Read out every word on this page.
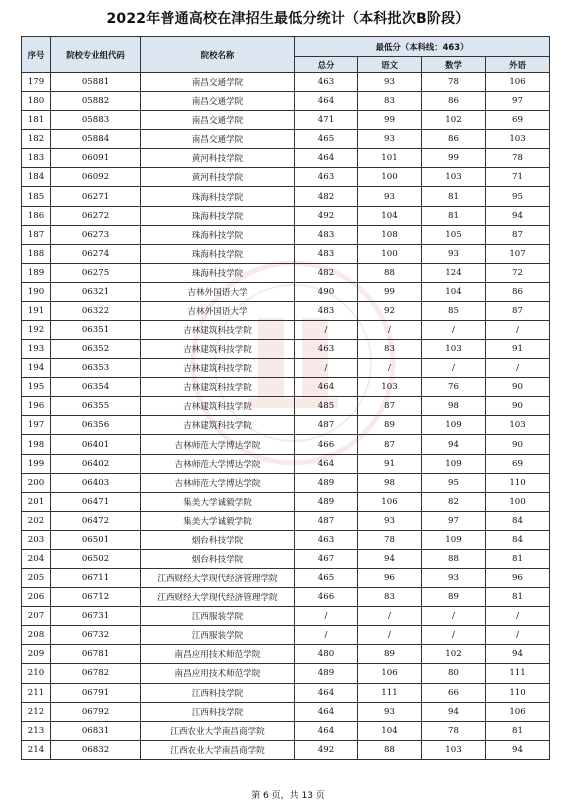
2022年普通高校在津招生最低分统计（本科批次B阶段）
序号	院校专业组代码	院校名称	最低分（本科线：463）			
			总分	语文	数学	外语
179	05881	南昌交通学院	463	93	78	106
180	05882	南昌交通学院	464	83	86	97
181	05883	南昌交通学院	471	99	102	69
182	05884	南昌交通学院	465	93	86	103
183	06091	黄河科技学院	464	101	99	78
184	06092	黄河科技学院	463	100	103	71
185	06271	珠海科技学院	482	93	81	95
186	06272	珠海科技学院	492	104	81	94
187	06273	珠海科技学院	483	108	105	87
188	06274	珠海科技学院	483	100	93	107
189	06275	珠海科技学院	482	88	124	72
190	06321	吉林外国语大学	490	99	104	86
191	06322	吉林外国语大学	483	92	85	87
192	06351	吉林建筑科技学院	/	/	/	/
193	06352	吉林建筑科技学院	463	83	103	91
194	06353	吉林建筑科技学院	/	/	/	/
195	06354	吉林建筑科技学院	464	103	76	90
196	06355	吉林建筑科技学院	485	87	98	90
197	06356	吉林建筑科技学院	487	89	109	103
198	06401	吉林师范大学博达学院	466	87	94	90
199	06402	吉林师范大学博达学院	464	91	109	69
200	06403	吉林师范大学博达学院	489	98	95	110
201	06471	集美大学诚毅学院	489	106	82	100
202	06472	集美大学诚毅学院	487	93	97	84
203	06501	烟台科技学院	463	78	109	84
204	06502	烟台科技学院	467	94	88	81
205	06711	江西财经大学现代经济管理学院	465	96	93	96
206	06712	江西财经大学现代经济管理学院	466	83	89	81
207	06731	江西服装学院	/	/	/	/
208	06732	江西服装学院	/	/	/	/
209	06781	南昌应用技术师范学院	480	89	102	94
210	06782	南昌应用技术师范学院	489	106	80	111
211	06791	江西科技学院	464	111	66	110
212	06792	江西科技学院	464	93	94	106
213	06831	江西农业大学南昌商学院	464	104	78	81
214	06832	江西农业大学南昌商学院	492	88	103	94
第 6 页，共 13 页
